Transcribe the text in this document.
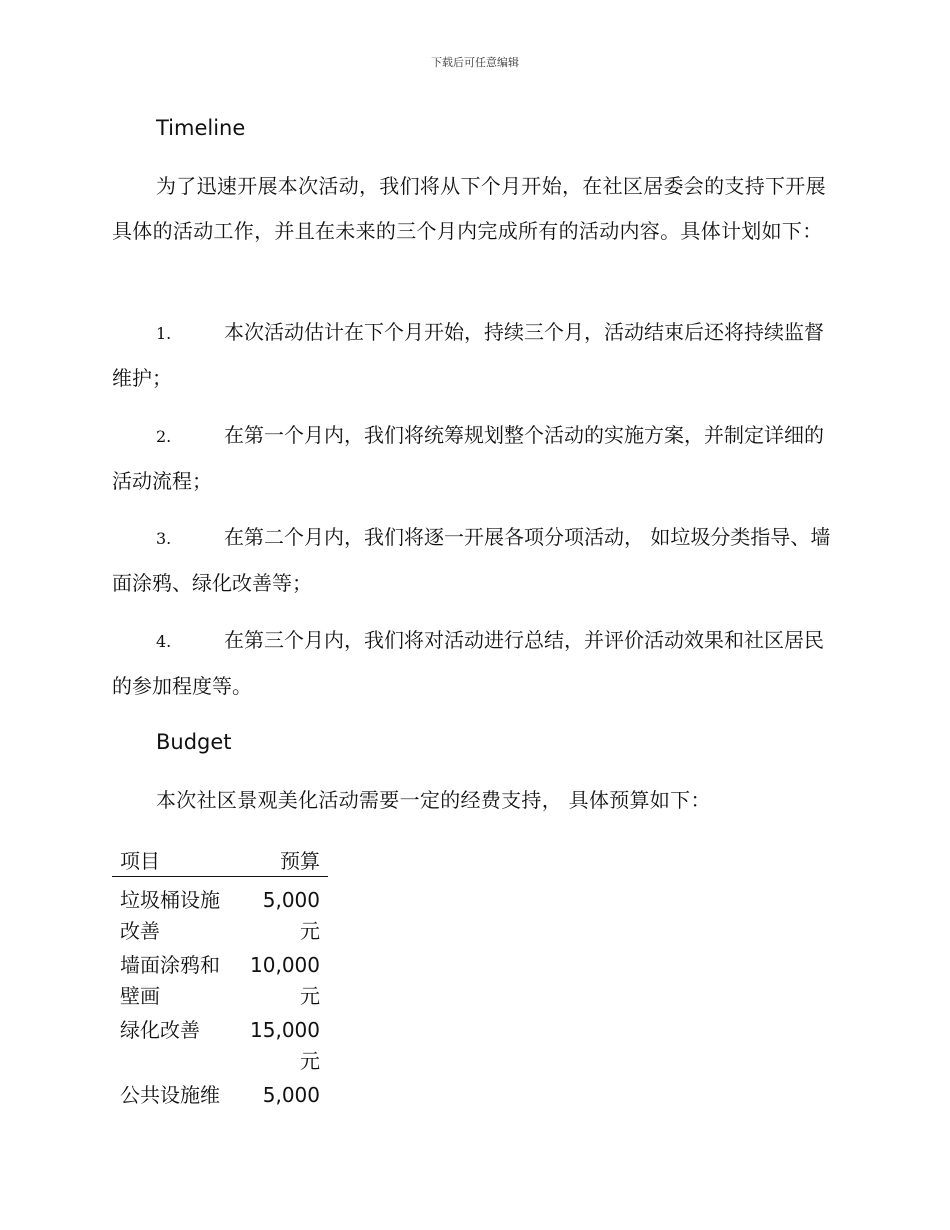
下载后可任意编辑
Timeline

为了迅速开展本次活动，我们将从下个月开始，在社区居委会的支持下开展具体的活动工作，并且在未来的三个月内完成所有的活动内容。具体计划如下：

1.	本次活动估计在下个月开始，持续三个月，活动结束后还将持续监督维护；

2.	在第一个月内，我们将统筹规划整个活动的实施方案，并制定详细的活动流程；

3.	在第二个月内，我们将逐一开展各项分项活动， 如垃圾分类指导、墙面涂鸦、绿化改善等；

4.	在第三个月内，我们将对活动进行总结，并评价活动效果和社区居民的参加程度等。

Budget

本次社区景观美化活动需要一定的经费支持， 具体预算如下：

项目	预算
垃圾桶设施改善	5,000元
墙面涂鸦和壁画	10,000元
绿化改善	15,000元
公共设施维	5,000
